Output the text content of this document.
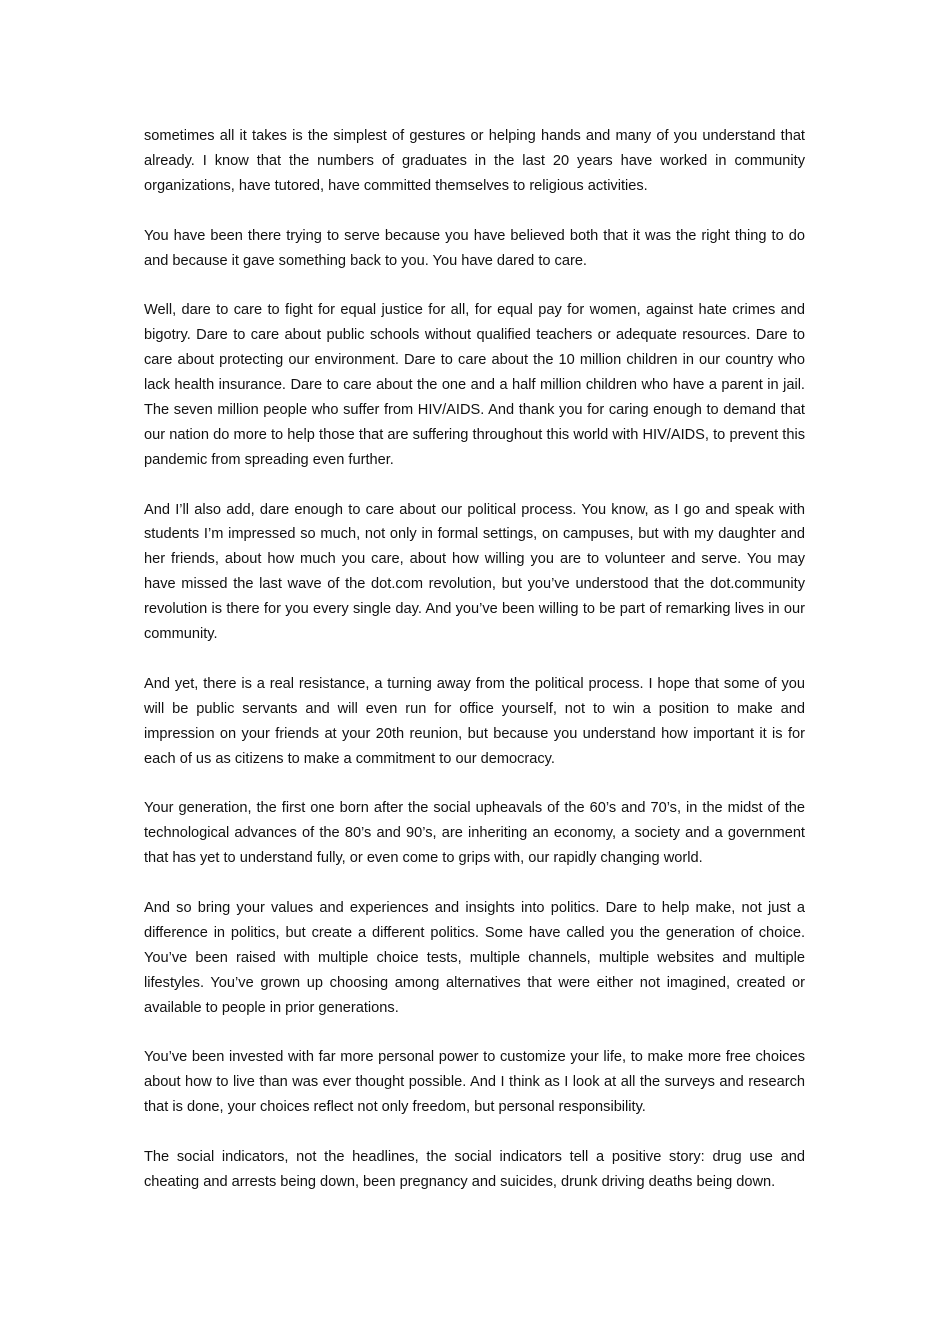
sometimes all it takes is the simplest of gestures or helping hands and many of you understand that already. I know that the numbers of graduates in the last 20 years have worked in community organizations, have tutored, have committed themselves to religious activities.

You have been there trying to serve because you have believed both that it was the right thing to do and because it gave something back to you. You have dared to care.

Well, dare to care to fight for equal justice for all, for equal pay for women, against hate crimes and bigotry. Dare to care about public schools without qualified teachers or adequate resources. Dare to care about protecting our environment. Dare to care about the 10 million children in our country who lack health insurance. Dare to care about the one and a half million children who have a parent in jail. The seven million people who suffer from HIV/AIDS. And thank you for caring enough to demand that our nation do more to help those that are suffering throughout this world with HIV/AIDS, to prevent this pandemic from spreading even further.

And I’ll also add, dare enough to care about our political process. You know, as I go and speak with students I’m impressed so much, not only in formal settings, on campuses, but with my daughter and her friends, about how much you care, about how willing you are to volunteer and serve. You may have missed the last wave of the dot.com revolution, but you’ve understood that the dot.community revolution is there for you every single day. And you’ve been willing to be part of remarking lives in our community.

And yet, there is a real resistance, a turning away from the political process. I hope that some of you will be public servants and will even run for office yourself, not to win a position to make and impression on your friends at your 20th reunion, but because you understand how important it is for each of us as citizens to make a commitment to our democracy.

Your generation, the first one born after the social upheavals of the 60’s and 70’s, in the midst of the technological advances of the 80’s and 90’s, are inheriting an economy, a society and a government that has yet to understand fully, or even come to grips with, our rapidly changing world.

And so bring your values and experiences and insights into politics. Dare to help make, not just a difference in politics, but create a different politics. Some have called you the generation of choice. You’ve been raised with multiple choice tests, multiple channels, multiple websites and multiple lifestyles. You’ve grown up choosing among alternatives that were either not imagined, created or available to people in prior generations.

You’ve been invested with far more personal power to customize your life, to make more free choices about how to live than was ever thought possible. And I think as I look at all the surveys and research that is done, your choices reflect not only freedom, but personal responsibility.

The social indicators, not the headlines, the social indicators tell a positive story: drug use and cheating and arrests being down, been pregnancy and suicides, drunk driving deaths being down.
